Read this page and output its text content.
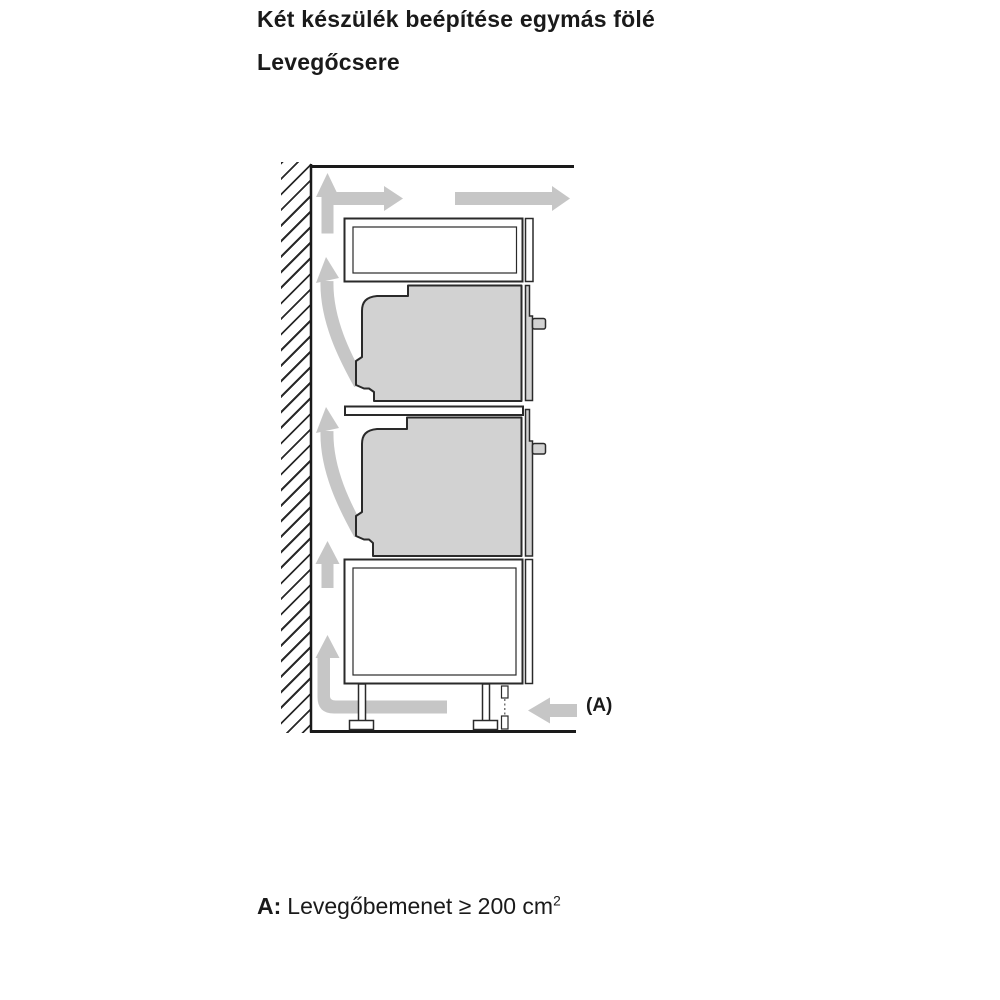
Két készülék beépítése egymás fölé
Levegőcsere
(A)
A: Levegőbemenet ≥ 200 $cm^2$
